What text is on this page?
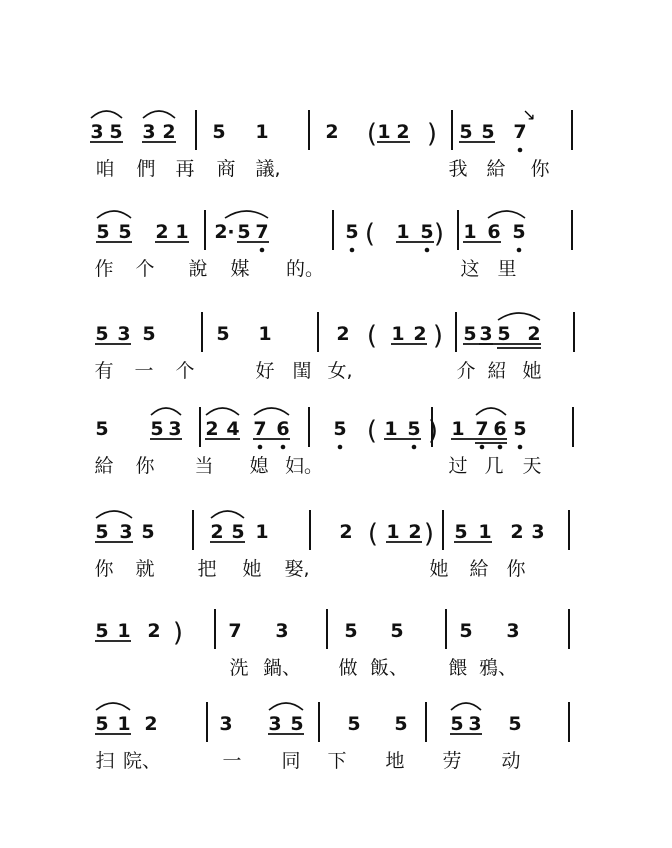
3 5 3 2 5 1	2 1 2	5 5 7
咱 們 再 商 議,	我 給 你
↘
5 5 2 1 2 · 5 7	5 1 5 1 6 5
作 个 說 媒 的。	这 里
5 3 5	5 1	2 1 2 5 3 5 2
有 一 个	好 閨 女,	介 紹 她
5 5 3 2 4 7 6 5 1 5 1 7 6 5
給 你 当 媳 妇。	过 几 天
5 3 5	2 5 1	2 1 2 5 1 2 3
你 就 把 她 娶,	她 給 你
5 1 2	7 3	5 5	5 3
洗 鍋、 做 飯、 餵 鴉、
5 1 2	3 3 5 5 5 5 3 5
扫 院、	一 同 下 地 劳 动
( )
( )
( )
( )
( )
)
